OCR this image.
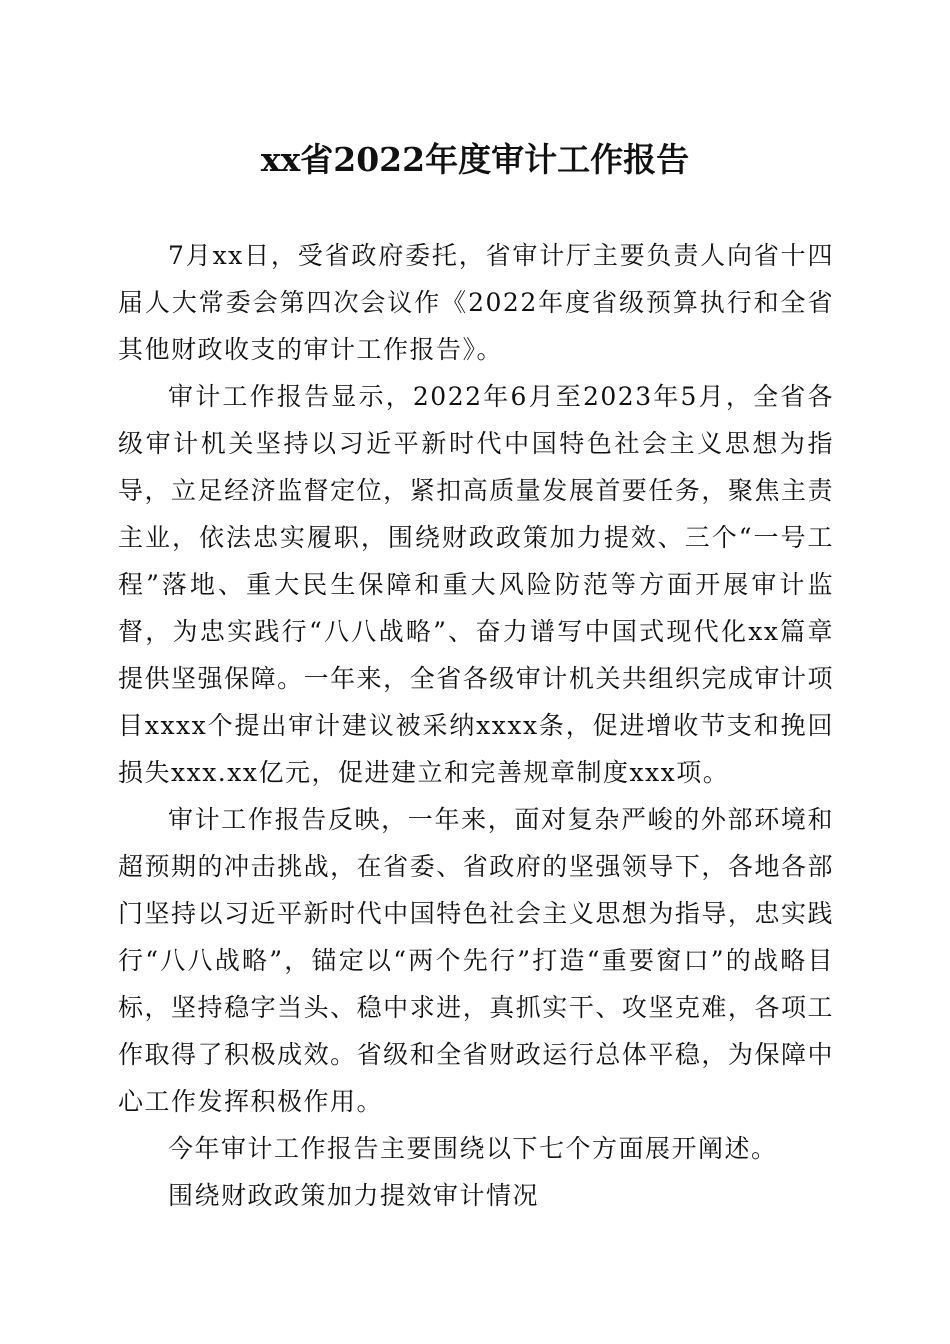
xx省2022年度审计工作报告

7月xx日，受省政府委托，省审计厅主要负责人向省十四届人大常委会第四次会议作《2022年度省级预算执行和全省其他财政收支的审计工作报告》。

审计工作报告显示，2022年6月至2023年5月，全省各级审计机关坚持以习近平新时代中国特色社会主义思想为指导，立足经济监督定位，紧扣高质量发展首要任务，聚焦主责主业，依法忠实履职，围绕财政政策加力提效、三个“一号工程”落地、重大民生保障和重大风险防范等方面开展审计监督，为忠实践行“八八战略”、奋力谱写中国式现代化xx篇章提供坚强保障。一年来，全省各级审计机关共组织完成审计项目xxxx个提出审计建议被采纳xxxx条，促进增收节支和挽回损失xxx.xx亿元，促进建立和完善规章制度xxx项。

审计工作报告反映，一年来，面对复杂严峻的外部环境和超预期的冲击挑战，在省委、省政府的坚强领导下，各地各部门坚持以习近平新时代中国特色社会主义思想为指导，忠实践行“八八战略”，锚定以“两个先行”打造“重要窗口”的战略目标，坚持稳字当头、稳中求进，真抓实干、攻坚克难，各项工作取得了积极成效。省级和全省财政运行总体平稳，为保障中心工作发挥积极作用。

今年审计工作报告主要围绕以下七个方面展开阐述。

围绕财政政策加力提效审计情况
